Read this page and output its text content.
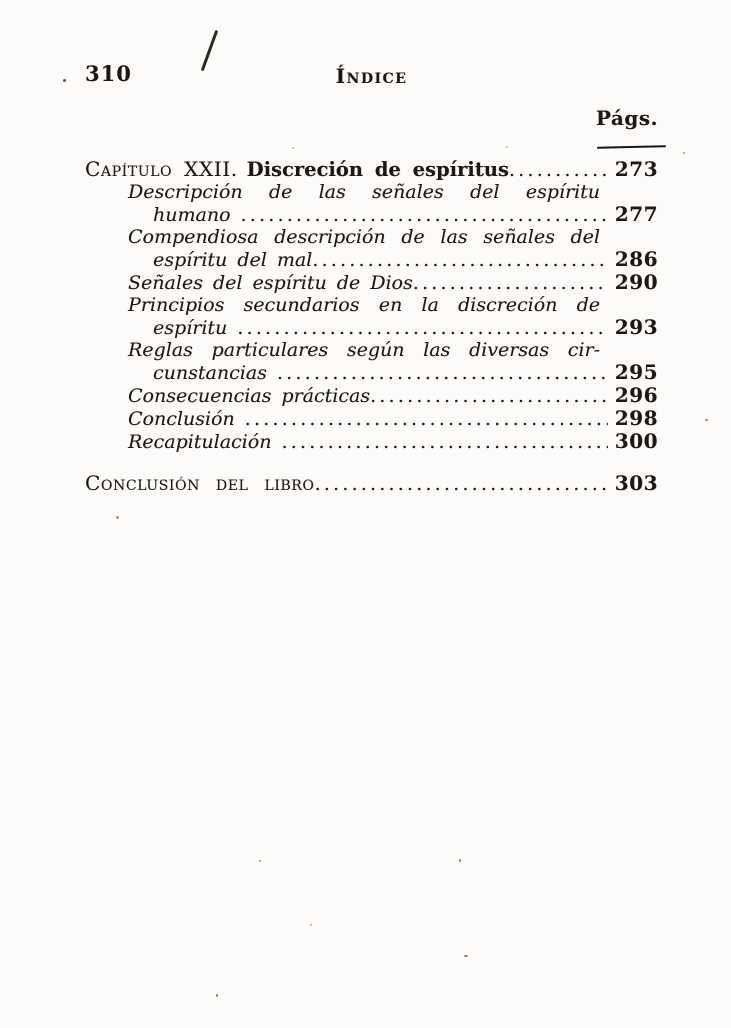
310	Índice
Págs.
Capítulo XXII. Discreción de espíritus .....	273
Descripción de las señales del espíritu
humano .....	277
Compendiosa descripción de las señales del
espíritu del mal .....	286
Señales del espíritu de Dios .....	290
Principios secundarios en la discreción de
espíritu .....	293
Reglas particulares según las diversas cir-
cunstancias .....	295
Consecuencias prácticas .....	296
Conclusión .....	298
Recapitulación .....	300
Conclusión del libro .....	303
